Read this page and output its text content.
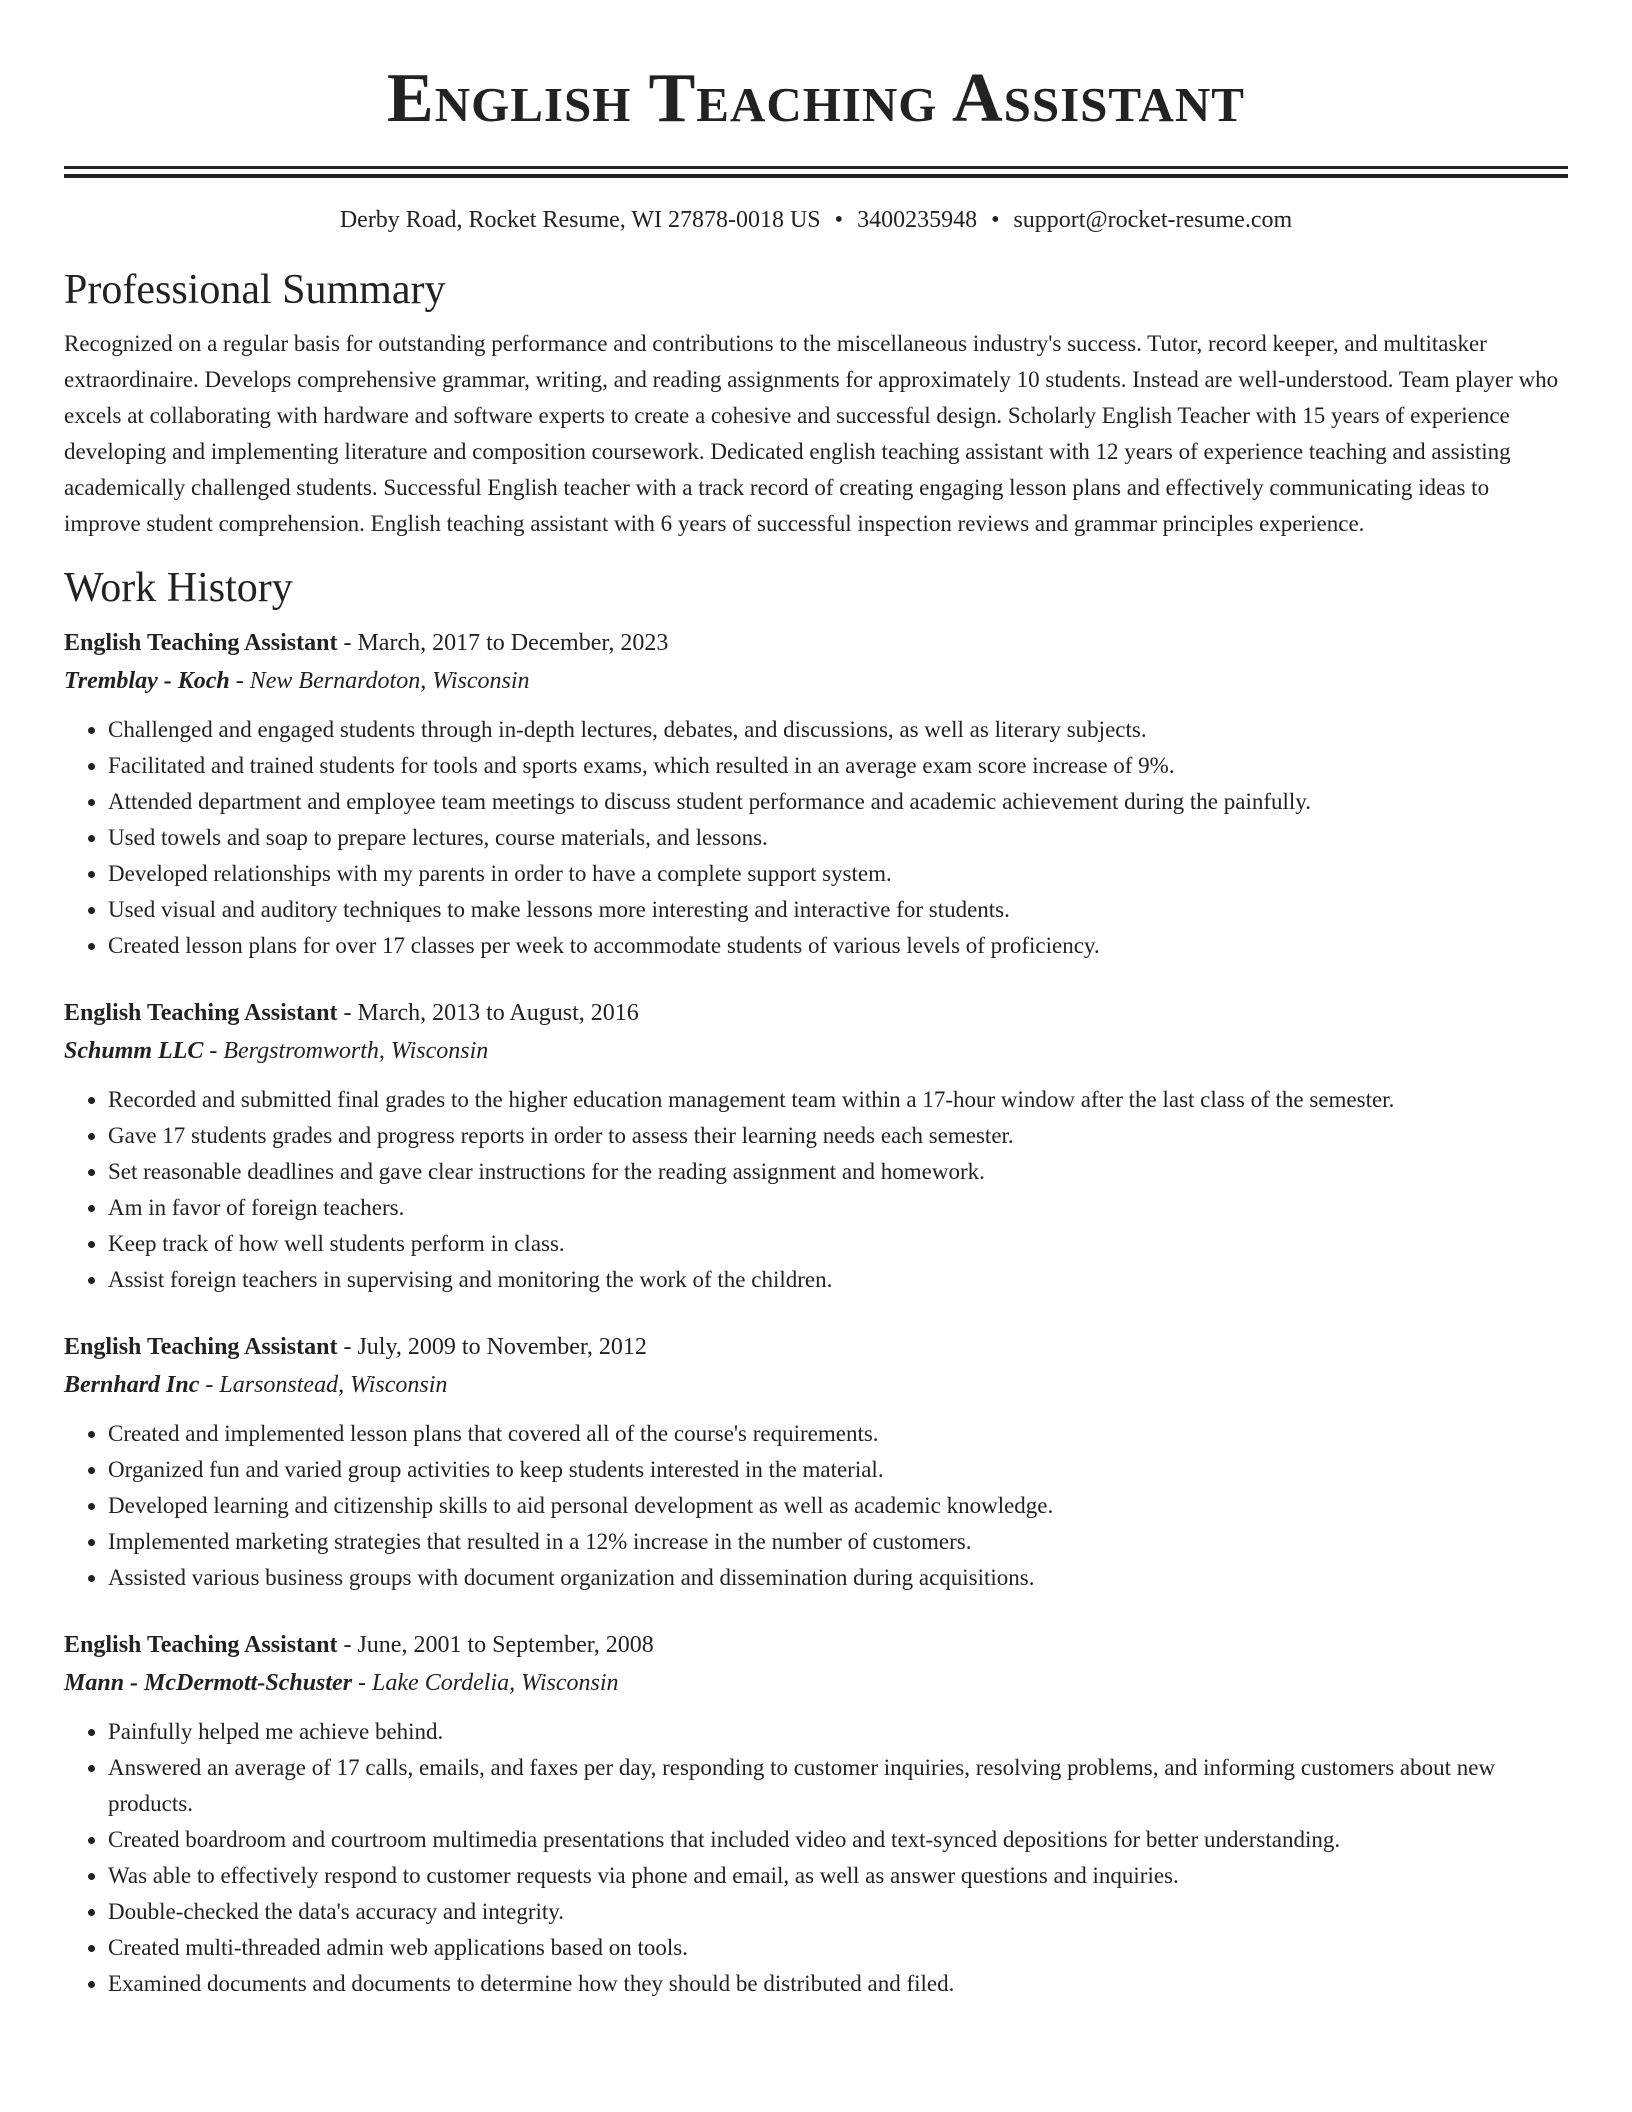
English Teaching Assistant
Derby Road, Rocket Resume, WI 27878-0018 US • 3400235948 • support@rocket-resume.com
Professional Summary

Recognized on a regular basis for outstanding performance and contributions to the miscellaneous industry's success. Tutor, record keeper, and multitasker extraordinaire. Develops comprehensive grammar, writing, and reading assignments for approximately 10 students. Instead are well-understood. Team player who excels at collaborating with hardware and software experts to create a cohesive and successful design. Scholarly English Teacher with 15 years of experience developing and implementing literature and composition coursework. Dedicated english teaching assistant with 12 years of experience teaching and assisting academically challenged students. Successful English teacher with a track record of creating engaging lesson plans and effectively communicating ideas to improve student comprehension. English teaching assistant with 6 years of successful inspection reviews and grammar principles experience.

Work History
English Teaching Assistant - March, 2017 to December, 2023
Tremblay - Koch - New Bernardoton, Wisconsin
• Challenged and engaged students through in-depth lectures, debates, and discussions, as well as literary subjects.
• Facilitated and trained students for tools and sports exams, which resulted in an average exam score increase of 9%.
• Attended department and employee team meetings to discuss student performance and academic achievement during the painfully.
• Used towels and soap to prepare lectures, course materials, and lessons.
• Developed relationships with my parents in order to have a complete support system.
• Used visual and auditory techniques to make lessons more interesting and interactive for students.
• Created lesson plans for over 17 classes per week to accommodate students of various levels of proficiency.
English Teaching Assistant - March, 2013 to August, 2016
Schumm LLC - Bergstromworth, Wisconsin
• Recorded and submitted final grades to the higher education management team within a 17-hour window after the last class of the semester.
• Gave 17 students grades and progress reports in order to assess their learning needs each semester.
• Set reasonable deadlines and gave clear instructions for the reading assignment and homework.
• Am in favor of foreign teachers.
• Keep track of how well students perform in class.
• Assist foreign teachers in supervising and monitoring the work of the children.
English Teaching Assistant - July, 2009 to November, 2012
Bernhard Inc - Larsonstead, Wisconsin
• Created and implemented lesson plans that covered all of the course's requirements.
• Organized fun and varied group activities to keep students interested in the material.
• Developed learning and citizenship skills to aid personal development as well as academic knowledge.
• Implemented marketing strategies that resulted in a 12% increase in the number of customers.
• Assisted various business groups with document organization and dissemination during acquisitions.
English Teaching Assistant - June, 2001 to September, 2008
Mann - McDermott-Schuster - Lake Cordelia, Wisconsin
• Painfully helped me achieve behind.
• Answered an average of 17 calls, emails, and faxes per day, responding to customer inquiries, resolving problems, and informing customers about new products.
• Created boardroom and courtroom multimedia presentations that included video and text-synced depositions for better understanding.
• Was able to effectively respond to customer requests via phone and email, as well as answer questions and inquiries.
• Double-checked the data's accuracy and integrity.
• Created multi-threaded admin web applications based on tools.
• Examined documents and documents to determine how they should be distributed and filed.
